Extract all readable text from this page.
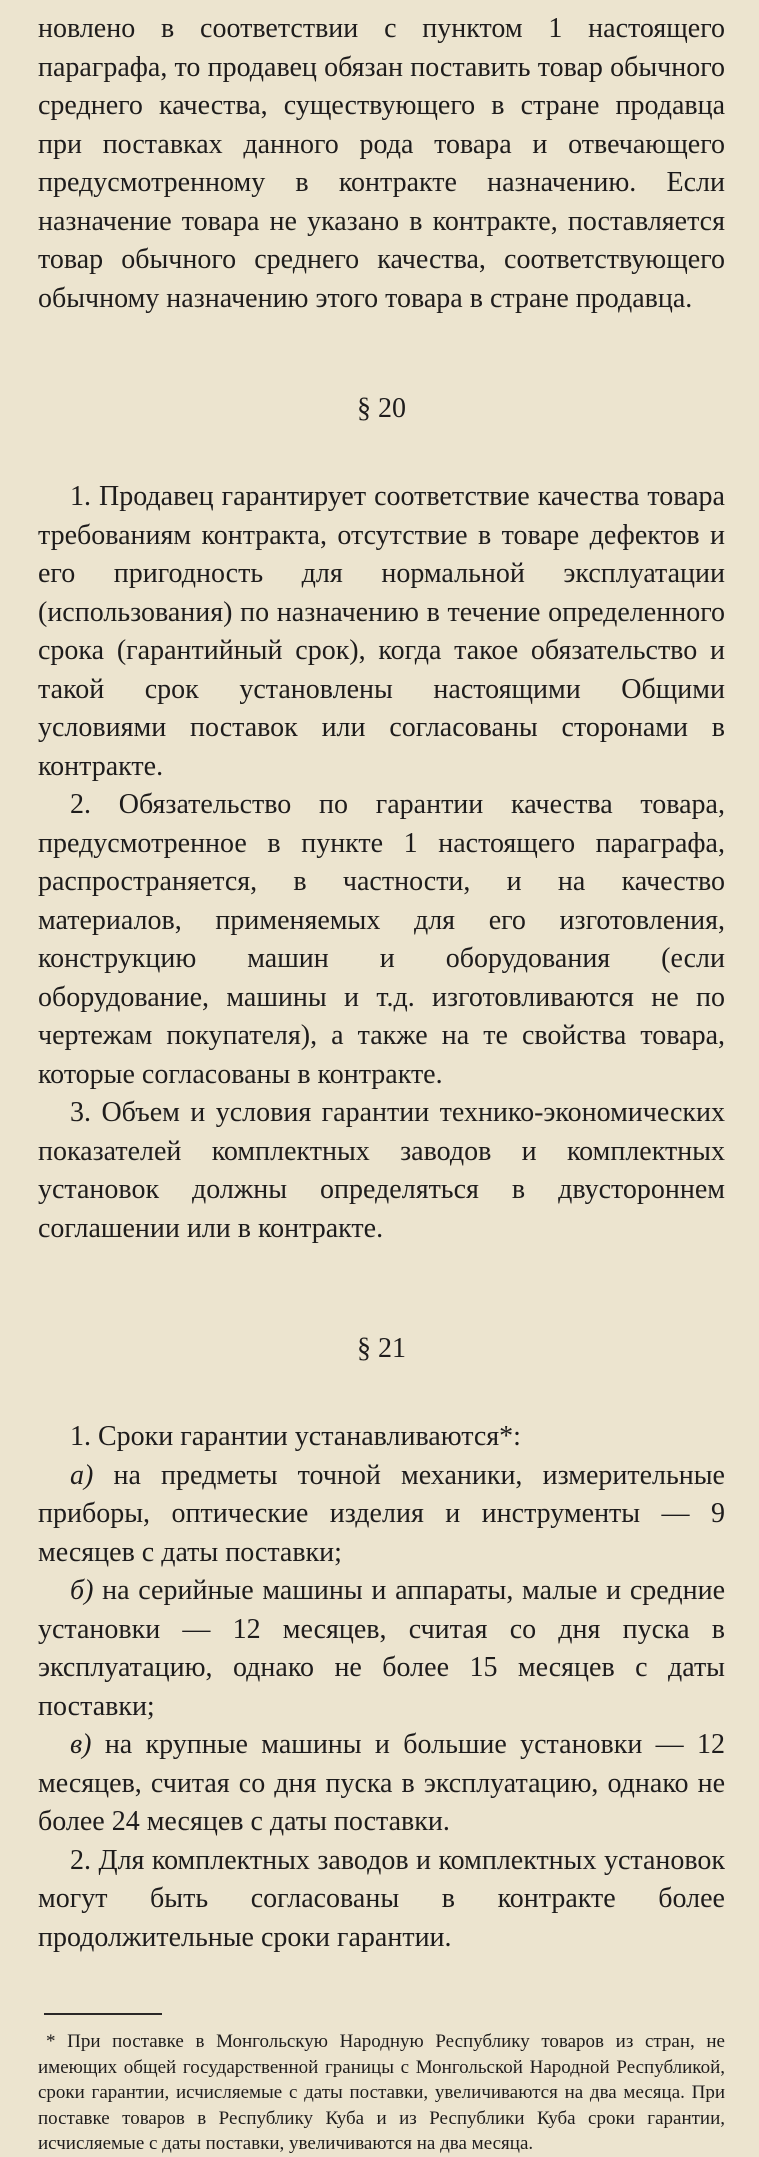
новлено в соответствии с пунктом 1 настоящего параграфа, то продавец обязан поставить товар обычного среднего качества, существующего в стране продавца при поставках данного рода товара и отвечающего предусмотренному в контракте назначению. Если назначение товара не указано в контракте, поставляется товар обычного среднего качества, соответствующего обычному назначению этого товара в стране продавца.

§ 20

1. Продавец гарантирует соответствие качества товара требованиям контракта, отсутствие в товаре дефектов и его пригодность для нормальной эксплуатации (использования) по назначению в течение определенного срока (гарантийный срок), когда такое обязательство и такой срок установлены настоящими Общими условиями поставок или согласованы сторонами в контракте.

2. Обязательство по гарантии качества товара, предусмотренное в пункте 1 настоящего параграфа, распространяется, в частности, и на качество материалов, применяемых для его изготовления, конструкцию машин и оборудования (если оборудование, машины и т.д. изготовливаются не по чертежам покупателя), а также на те свойства товара, которые согласованы в контракте.

3. Объем и условия гарантии технико-экономических показателей комплектных заводов и комплектных установок должны определяться в двустороннем соглашении или в контракте.

§ 21

1. Сроки гарантии устанавливаются*:

а) на предметы точной механики, измерительные приборы, оптические изделия и инструменты — 9 месяцев с даты поставки;

б) на серийные машины и аппараты, малые и средние установки — 12 месяцев, считая со дня пуска в эксплуатацию, однако не более 15 месяцев с даты поставки;

в) на крупные машины и большие установки — 12 месяцев, считая со дня пуска в эксплуатацию, однако не более 24 месяцев с даты поставки.

2. Для комплектных заводов и комплектных установок могут быть согласованы в контракте более продолжительные сроки гарантии.

* При поставке в Монгольскую Народную Республику товаров из стран, не имеющих общей государственной границы с Монгольской Народной Республикой, сроки гарантии, исчисляемые с даты поставки, увеличиваются на два месяца. При поставке товаров в Республику Куба и из Республики Куба сроки гарантии, исчисляемые с даты поставки, увеличиваются на два месяца.
